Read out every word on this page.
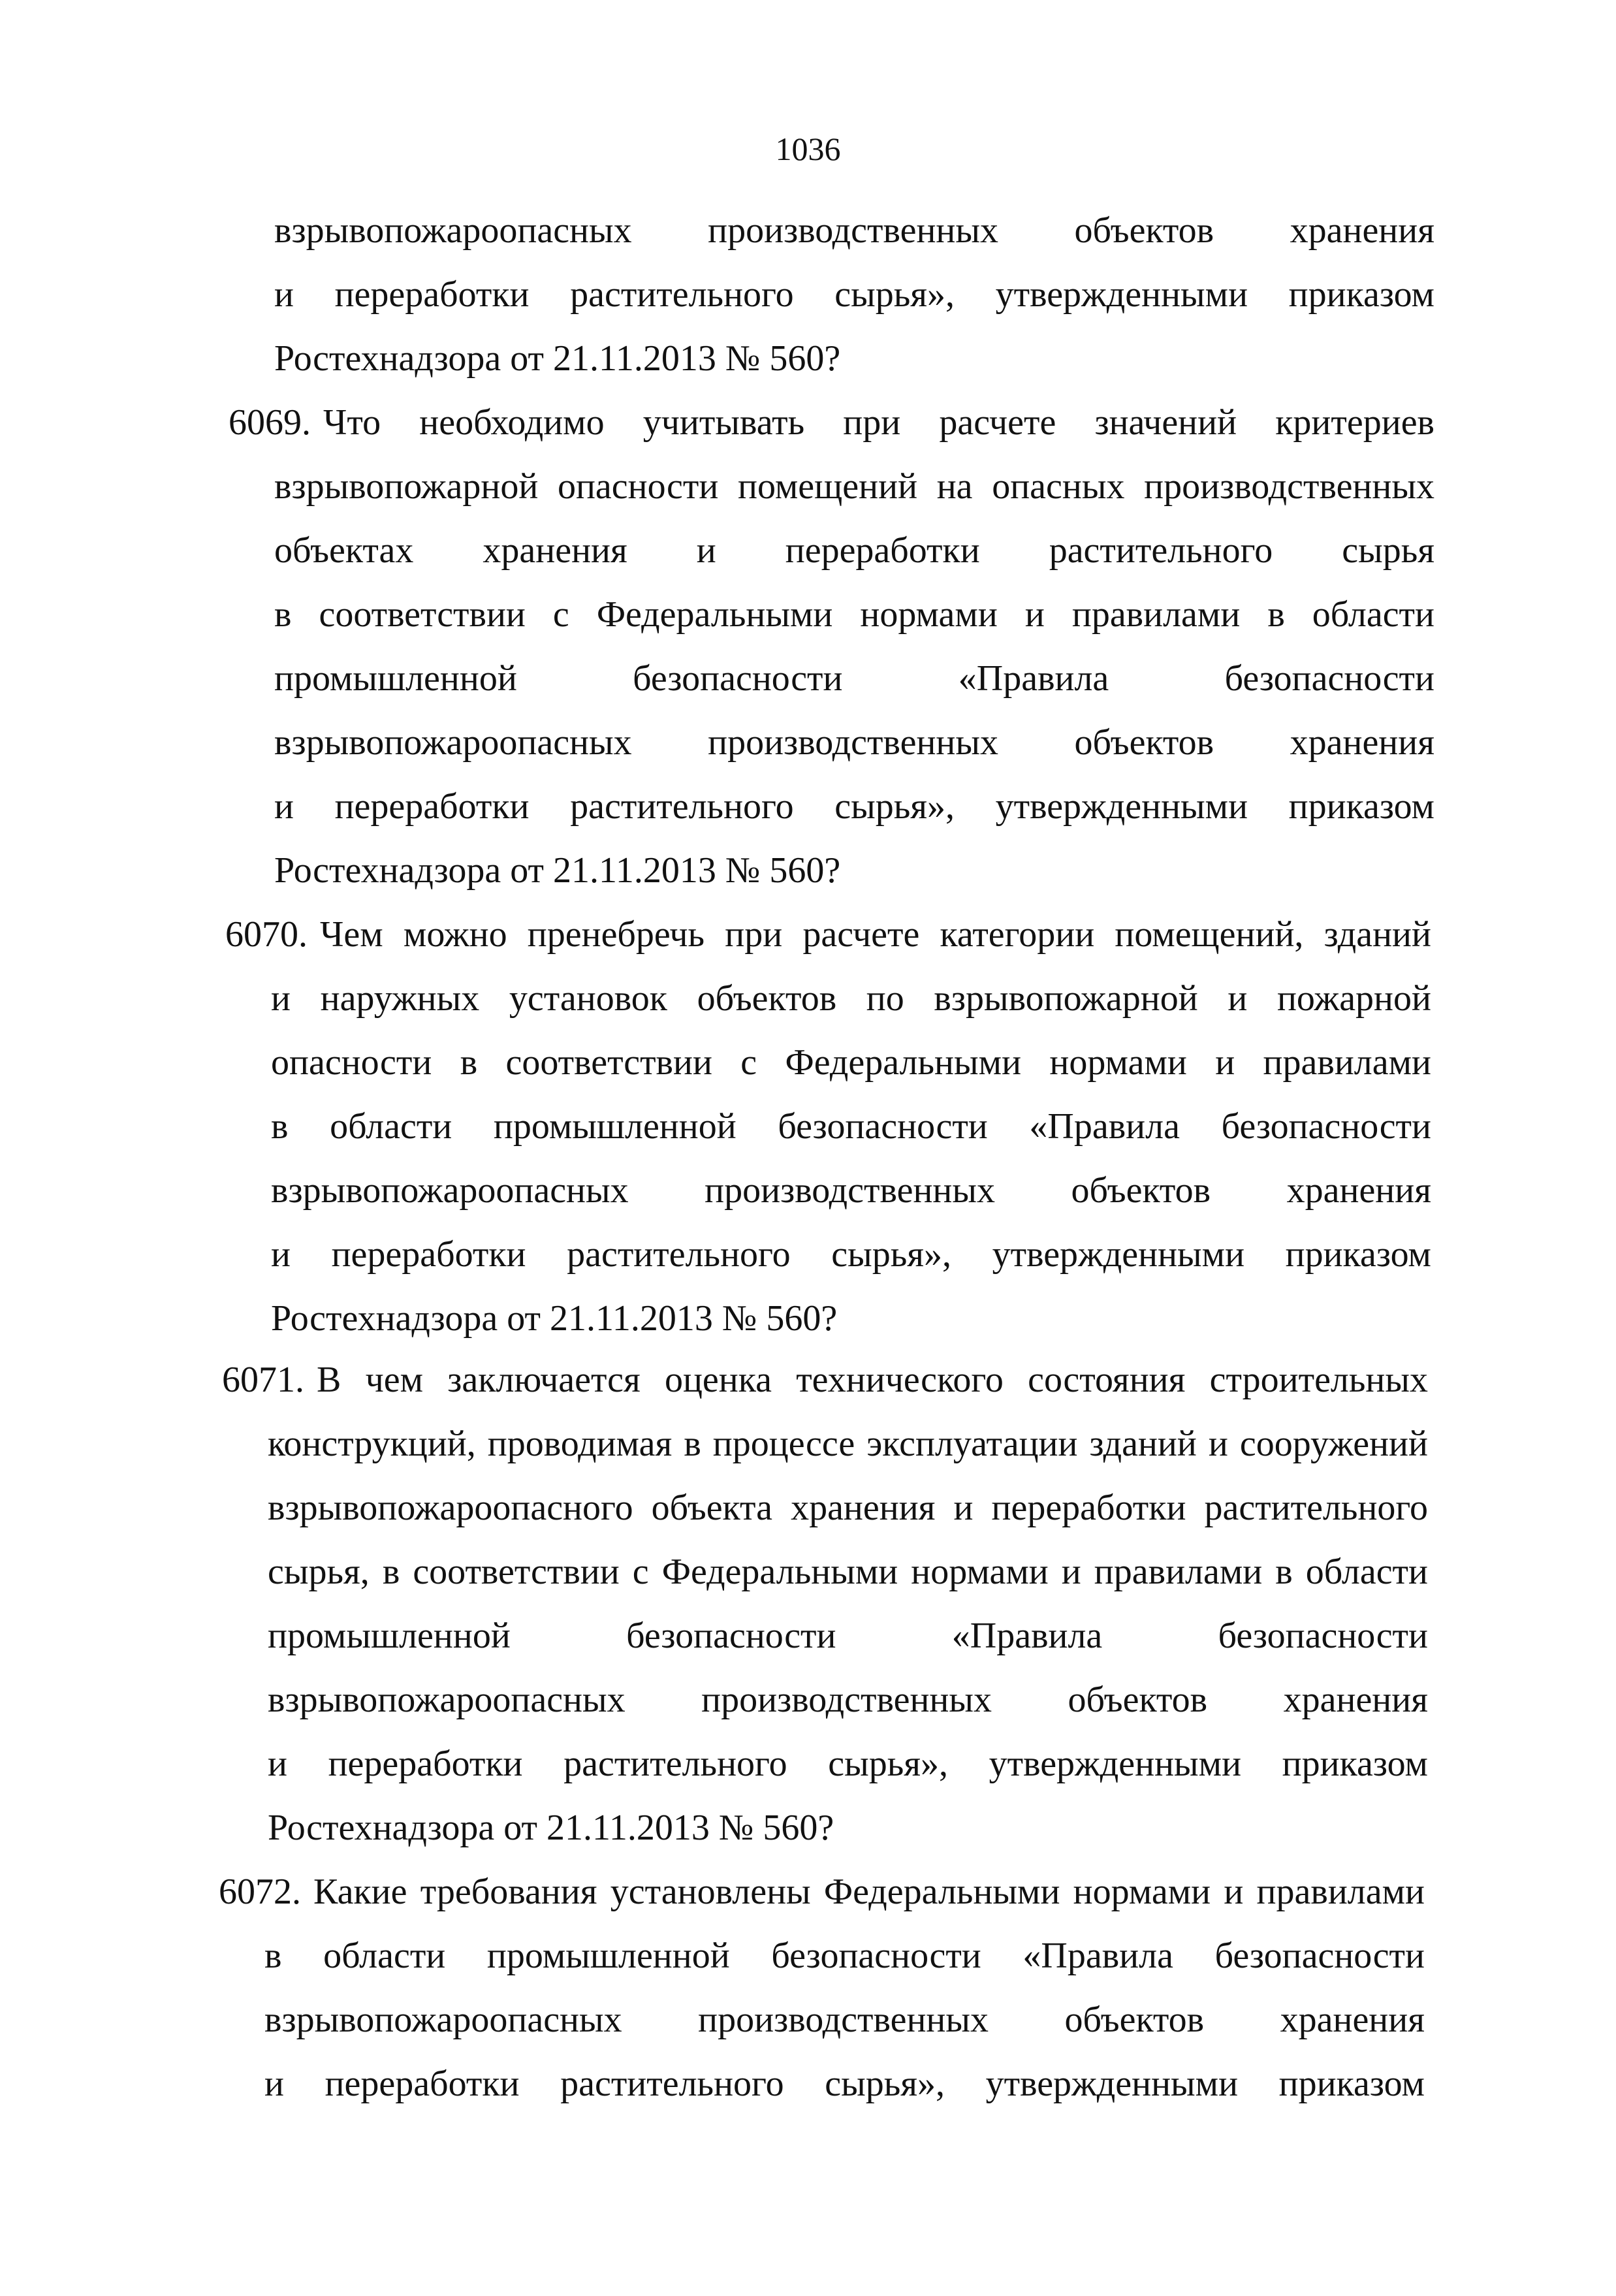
1036
взрывопожароопасных производственных объектов хранения
и переработки растительного сырья», утвержденными приказом
Ростехнадзора от 21.11.2013 № 560?
6069. Что необходимо учитывать при расчете значений критериев
взрывопожарной опасности помещений на опасных производственных
объектах хранения и переработки растительного сырья
в соответствии с Федеральными нормами и правилами в области
промышленной безопасности «Правила безопасности
взрывопожароопасных производственных объектов хранения
и переработки растительного сырья», утвержденными приказом
Ростехнадзора от 21.11.2013 № 560?
6070. Чем можно пренебречь при расчете категории помещений, зданий
и наружных установок объектов по взрывопожарной и пожарной
опасности в соответствии с Федеральными нормами и правилами
в области промышленной безопасности «Правила безопасности
взрывопожароопасных производственных объектов хранения
и переработки растительного сырья», утвержденными приказом
Ростехнадзора от 21.11.2013 № 560?
6071. В чем заключается оценка технического состояния строительных
конструкций, проводимая в процессе эксплуатации зданий и сооружений
взрывопожароопасного объекта хранения и переработки растительного
сырья, в соответствии с Федеральными нормами и правилами в области
промышленной безопасности «Правила безопасности
взрывопожароопасных производственных объектов хранения
и переработки растительного сырья», утвержденными приказом
Ростехнадзора от 21.11.2013 № 560?
6072. Какие требования установлены Федеральными нормами и правилами
в области промышленной безопасности «Правила безопасности
взрывопожароопасных производственных объектов хранения
и переработки растительного сырья», утвержденными приказом
